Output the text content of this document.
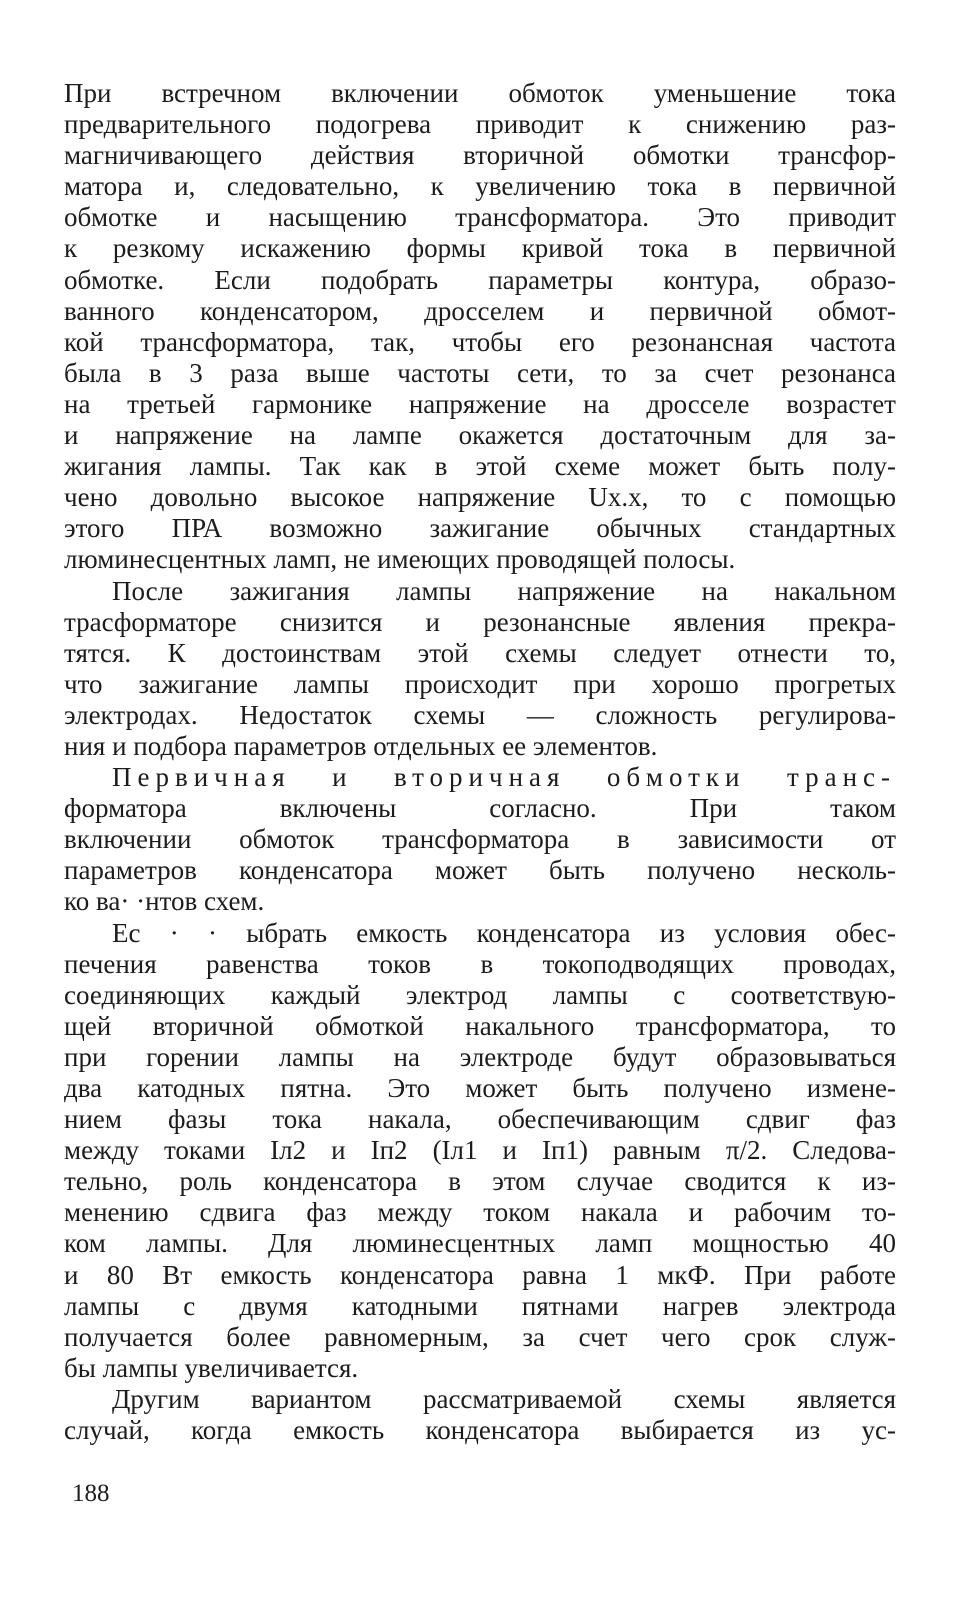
При встречном включении обмоток уменьшение тока
предварительного подогрева приводит к снижению раз-
магничивающего действия вторичной обмотки трансфор-
матора и, следовательно, к увеличению тока в первичной
обмотке и насыщению трансформатора. Это приводит
к резкому искажению формы кривой тока в первичной
обмотке. Если подобрать параметры контура, образо-
ванного конденсатором, дросселем и первичной обмот-
кой трансформатора, так, чтобы его резонансная частота
была в 3 раза выше частоты сети, то за счет резонанса
на третьей гармонике напряжение на дросселе возрастет
и напряжение на лампе окажется достаточным для за-
жигания лампы. Так как в этой схеме может быть полу-
чено довольно высокое напряжение Uх.х, то с помощью
этого ПРА возможно зажигание обычных стандартных
люминесцентных ламп, не имеющих проводящей полосы.

После зажигания лампы напряжение на накальном
трасформаторе снизится и резонансные явления прекра-
тятся. К достоинствам этой схемы следует отнести то,
что зажигание лампы происходит при хорошо прогретых
электродах. Недостаток схемы — сложность регулирова-
ния и подбора параметров отдельных ее элементов.

Первичная и вторичная обмотки транс-
форматора включены согласно. При таком
включении обмоток трансформатора в зависимости от
параметров конденсатора может быть получено несколь-
ко ва· ·нтов схем.

Ес · · ыбрать емкость конденсатора из условия обес-
печения равенства токов в токоподводящих проводах,
соединяющих каждый электрод лампы с соответствую-
щей вторичной обмоткой накального трансформатора, то
при горении лампы на электроде будут образовываться
два катодных пятна. Это может быть получено измене-
нием фазы тока накала, обеспечивающим сдвиг фаз
между токами Iл2 и Iп2 (Iл1 и Iп1) равным π/2. Следова-
тельно, роль конденсатора в этом случае сводится к из-
менению сдвига фаз между током накала и рабочим то-
ком лампы. Для люминесцентных ламп мощностью 40
и 80 Вт емкость конденсатора равна 1 мкФ. При работе
лампы с двумя катодными пятнами нагрев электрода
получается более равномерным, за счет чего срок служ-
бы лампы увеличивается.

Другим вариантом рассматриваемой схемы является
случай, когда емкость конденсатора выбирается из ус-

188
